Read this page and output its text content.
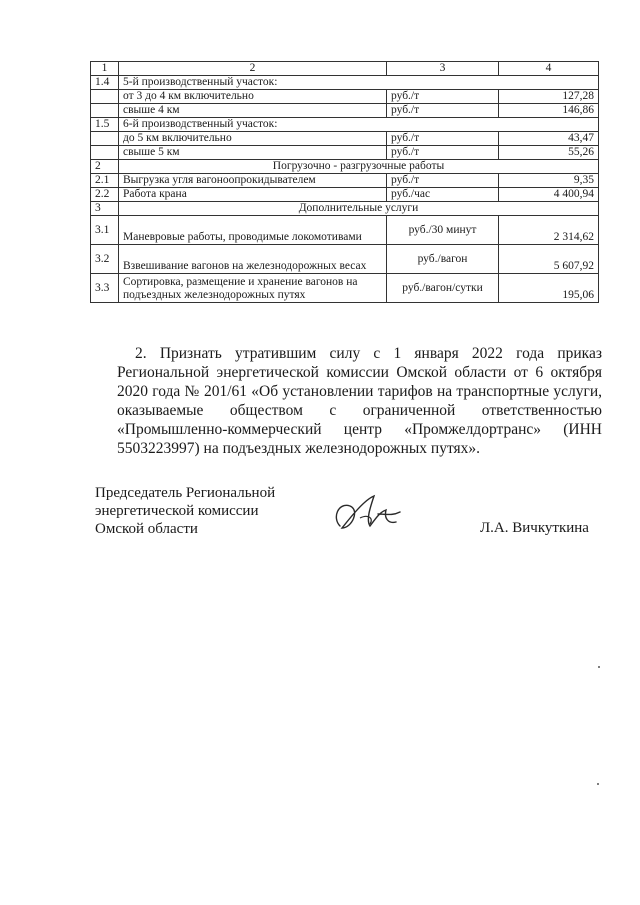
1	2	3	4
1.4	5-й производственный участок:		
	от 3 до 4 км включительно	руб./т	127,28
	свыше 4 км	руб./т	146,86
1.5	6-й производственный участок:		
	до 5 км включительно	руб./т	43,47
	свыше 5 км	руб./т	55,26
2	Погрузочно - разгрузочные работы		
2.1	Выгрузка угля вагоноопрокидывателем	руб./т	9,35
2.2	Работа крана	руб./час	4 400,94
3	Дополнительные услуги		
3.1	Маневровые работы, проводимые локомотивами	руб./30 минут	2 314,62
3.2	Взвешивание вагонов на железнодорожных весах	руб./вагон	5 607,92
3.3	Сортировка, размещение и хранение вагонов на подъездных железнодорожных путях	руб./вагон/сутки	195,06

2. Признать утратившим силу с 1 января 2022 года приказ Региональной энергетической комиссии Омской области от 6 октября 2020 года № 201/61 «Об установлении тарифов на транспортные услуги, оказываемые обществом с ограниченной ответственностью «Промышленно-коммерческий центр «Промжелдортранс» (ИНН 5503223997) на подъездных железнодорожных путях».

Председатель Региональной
энергетической комиссии
Омской области	Л.А. Вичкуткина
